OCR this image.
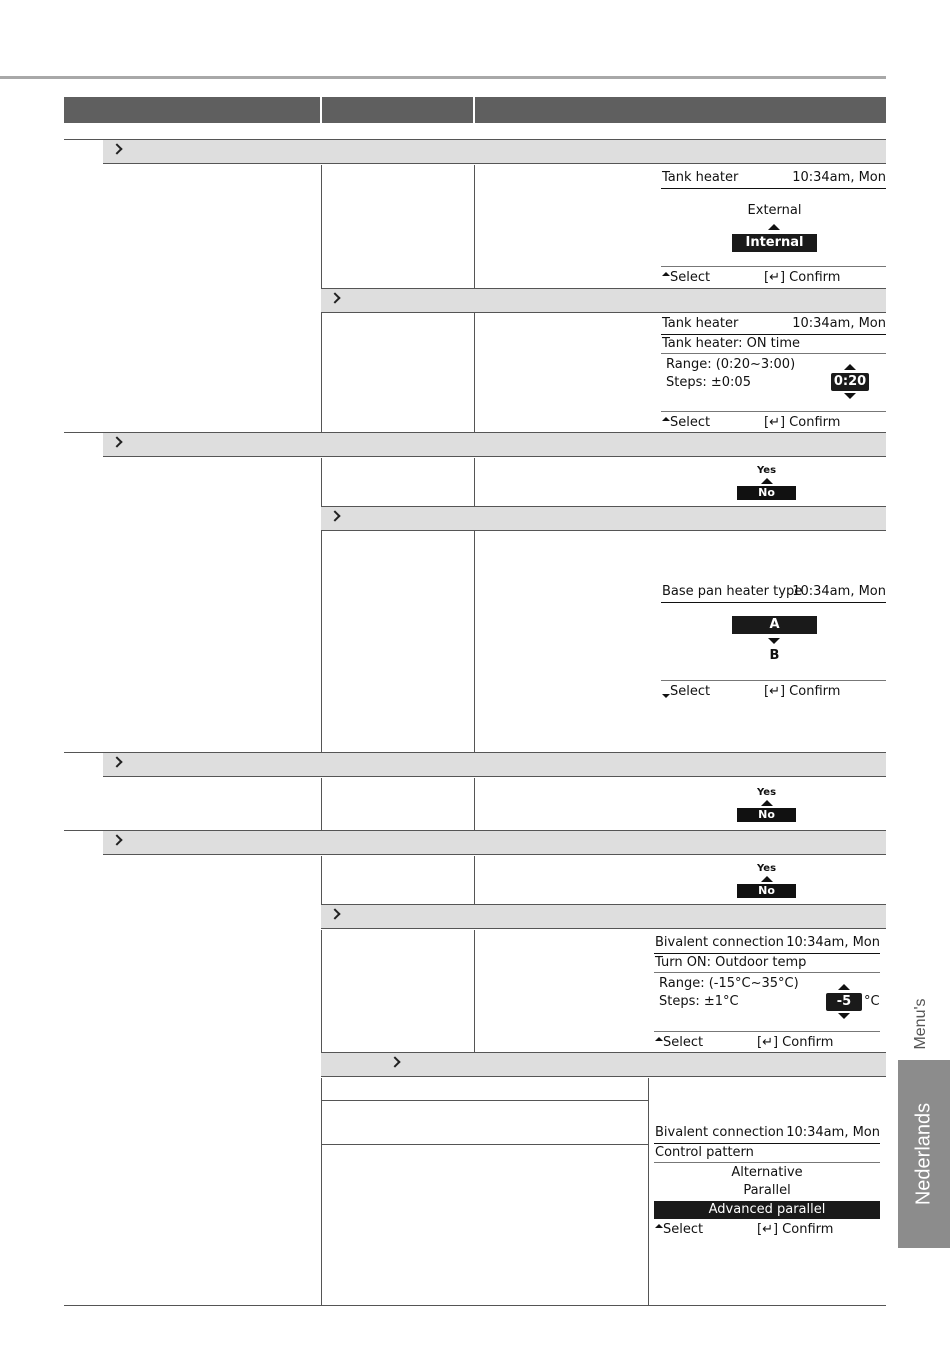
Tank heater	10:34am, Mon
External
Internal
Select	[↵] Confirm
Tank heater	10:34am, Mon
Tank heater: ON time
Range: (0:20~3:00)
Steps: ±0:05	0:20
Select	[↵] Confirm
Yes
No
Base pan heater type
10:34am, Mon
A
B
Select	[↵] Confirm
Yes
No
Yes
No
Bivalent connection 10:34am, Mon
Turn ON: Outdoor temp
Range: (-15°C~35°C)
Steps: ±1°C	-5 °C
Select	[↵] Confirm
Bivalent connection 10:34am, Mon
Control pattern
Alternative
Parallel
Advanced parallel
Select	[↵] Confirm
Menu's
Nederlands
